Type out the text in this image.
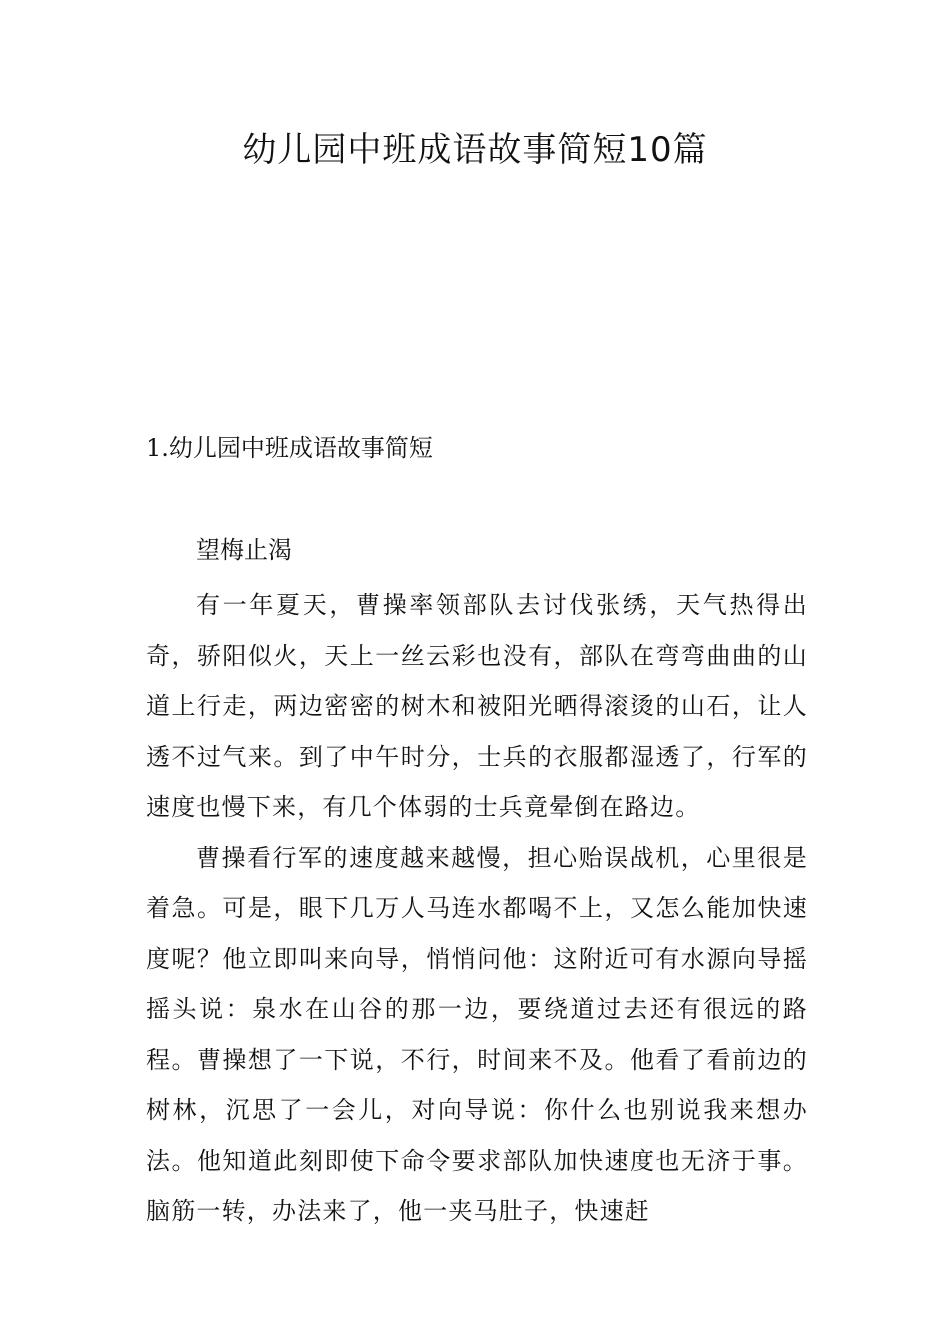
幼儿园中班成语故事简短10篇
1.幼儿园中班成语故事简短

望梅止渴

有一年夏天，曹操率领部队去讨伐张绣，天气热得出奇，骄阳似火，天上一丝云彩也没有，部队在弯弯曲曲的山道上行走，两边密密的树木和被阳光晒得滚烫的山石，让人透不过气来。到了中午时分，士兵的衣服都湿透了，行军的速度也慢下来，有几个体弱的士兵竟晕倒在路边。

曹操看行军的速度越来越慢，担心贻误战机，心里很是着急。可是，眼下几万人马连水都喝不上，又怎么能加快速度呢？他立即叫来向导，悄悄问他：这附近可有水源向导摇摇头说：泉水在山谷的那一边，要绕道过去还有很远的路程。曹操想了一下说，不行，时间来不及。他看了看前边的树林，沉思了一会儿，对向导说：你什么也别说我来想办法。他知道此刻即使下命令要求部队加快速度也无济于事。脑筋一转，办法来了，他一夹马肚子，快速赶
